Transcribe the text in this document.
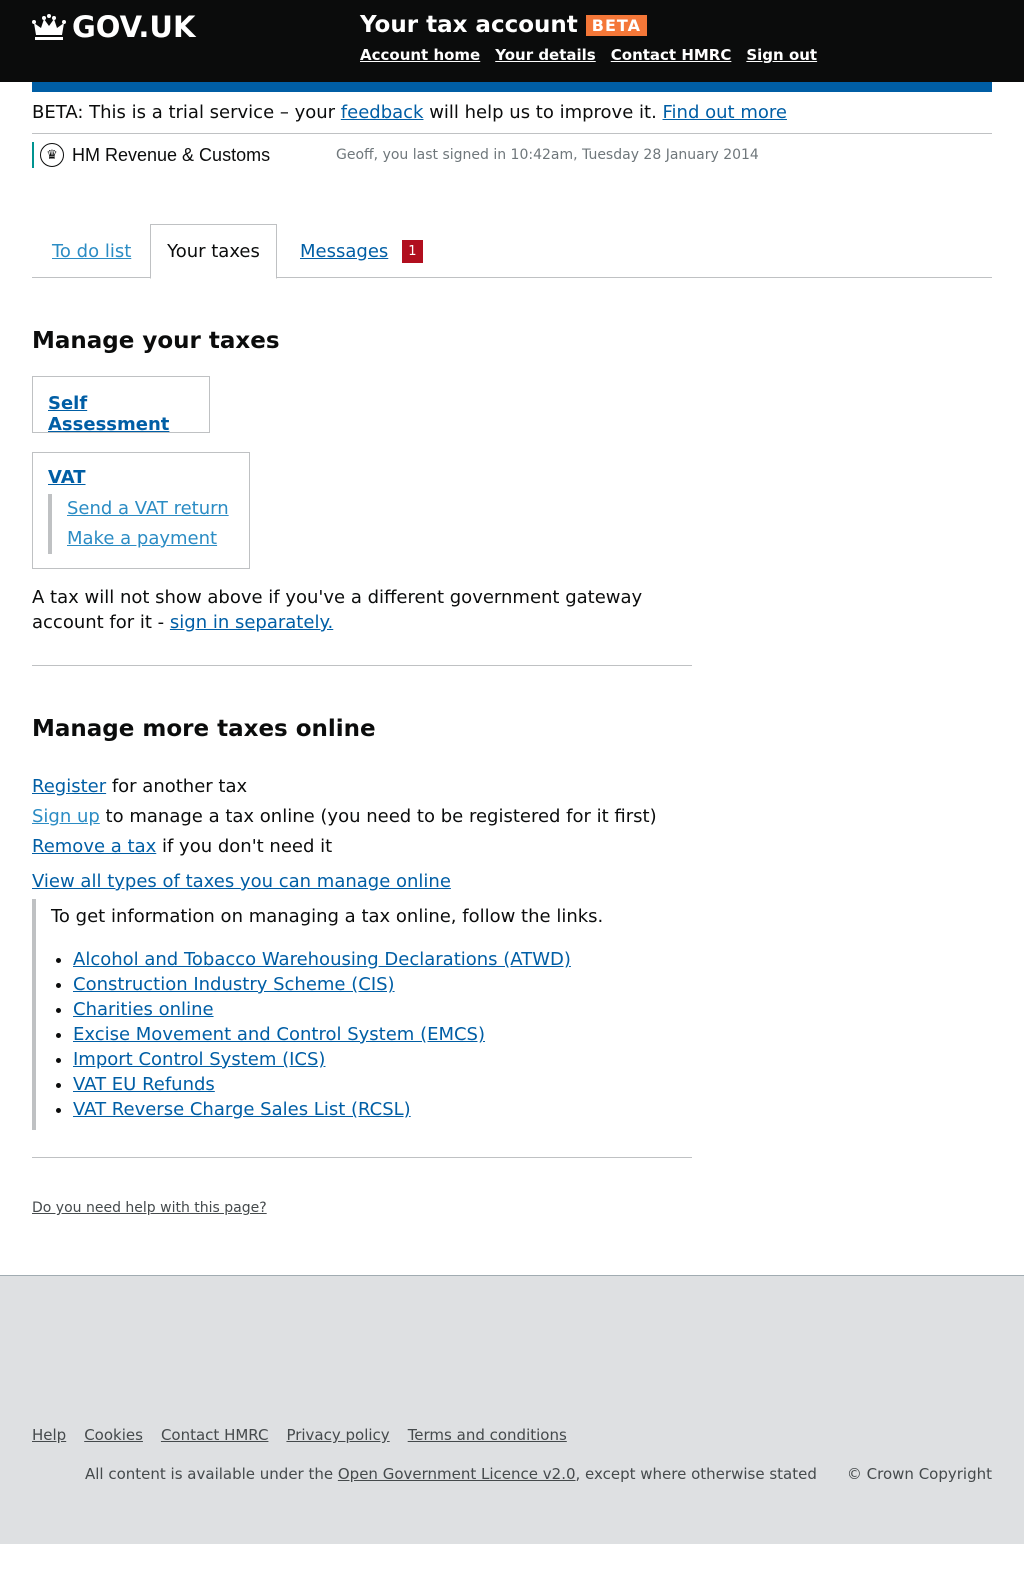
GOV.UK	Your tax account BETA
Account home Your details Contact HMRC Sign out
BETA: This is a trial service – your feedback will help us to improve it. Find out more
♛ HM Revenue & Customs	Geoff, you last signed in 10:42am, Tuesday 28 January 2014
To do list	Your taxes	Messages	1
Manage your taxes
Self Assessment
VAT
Send a VAT return
Make a payment

A tax will not show above if you've a different government gateway account for it - sign in separately.

Manage more taxes online
Register for another tax
Sign up to manage a tax online (you need to be registered for it first)
Remove a tax if you don't need it
View all types of taxes you can manage online

To get information on managing a tax online, follow the links.

• Alcohol and Tobacco Warehousing Declarations (ATWD)
• Construction Industry Scheme (CIS)
• Charities online
• Excise Movement and Control System (EMCS)
• Import Control System (ICS)
• VAT EU Refunds
• VAT Reverse Charge Sales List (RCSL)
Do you need help with this page?
Help Cookies Contact HMRC Privacy policy Terms and conditions
All content is available under the Open Government Licence v2.0, except where otherwise stated © Crown Copyright
